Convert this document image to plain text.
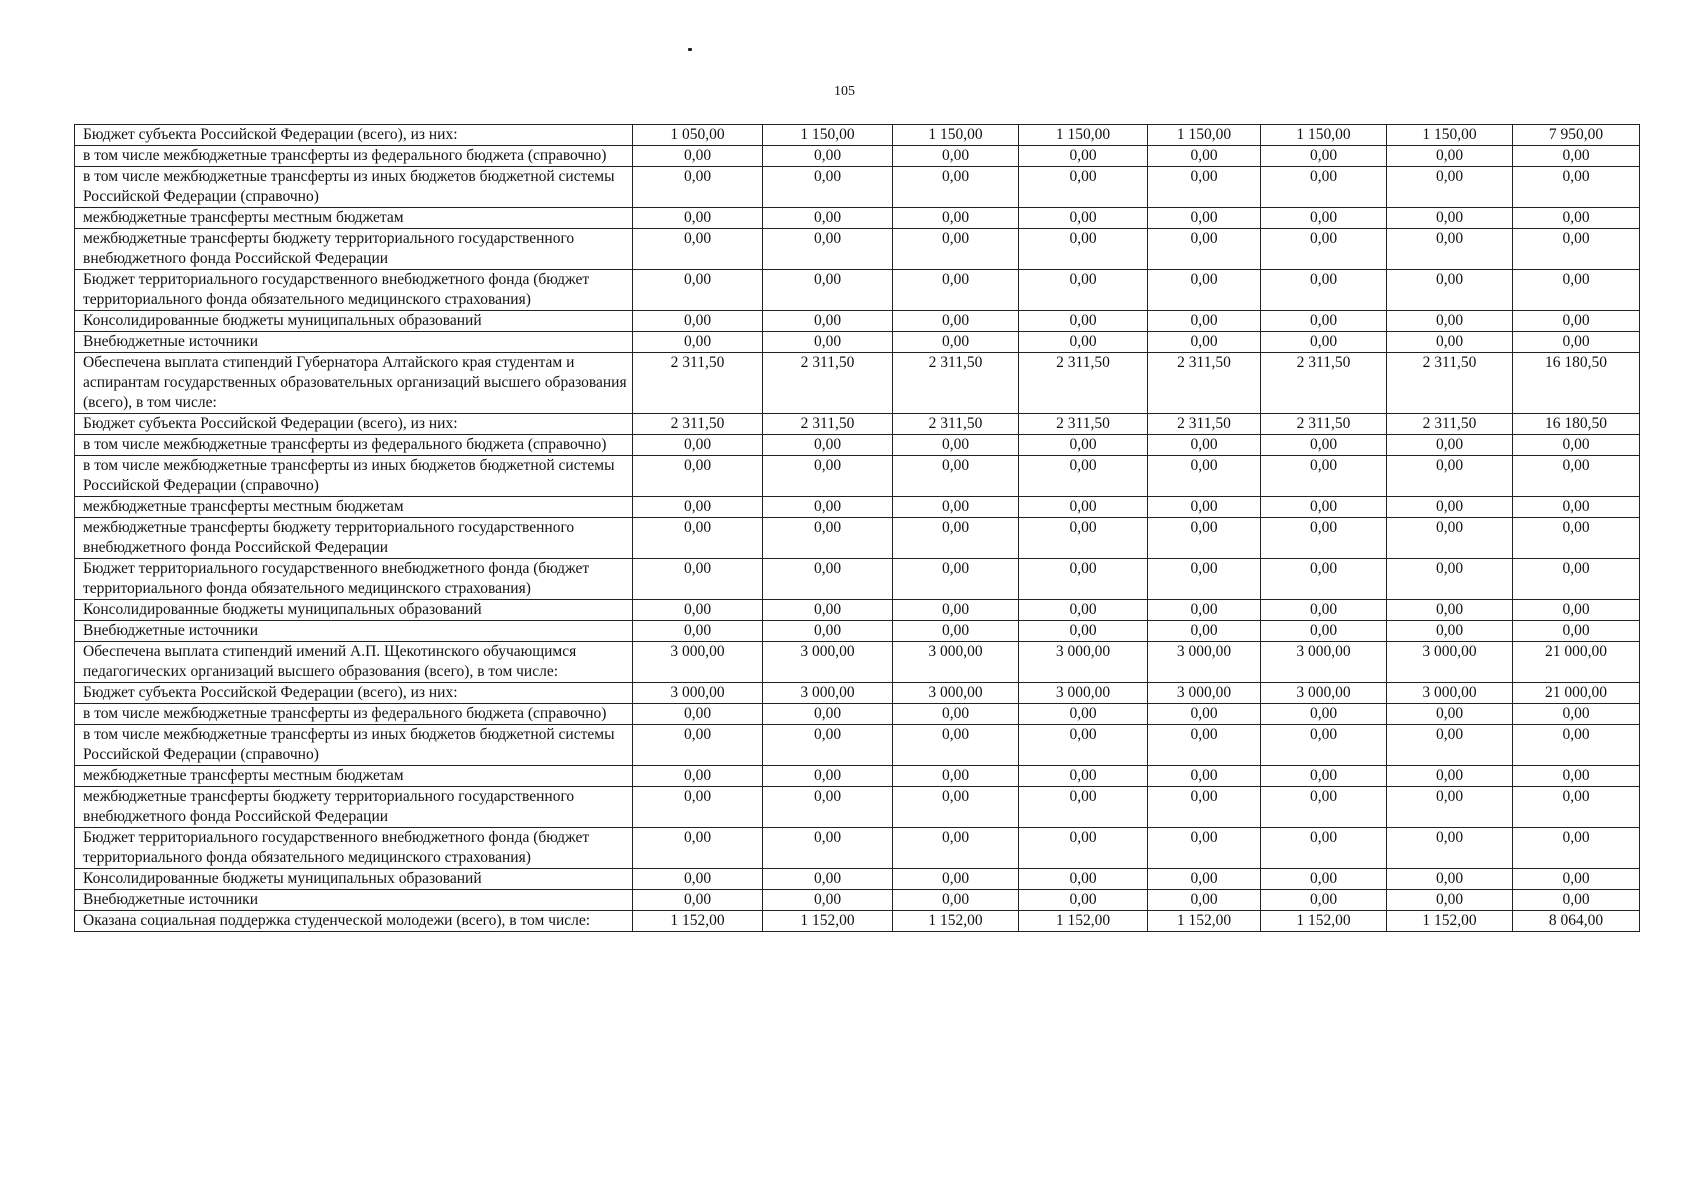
105
Бюджет субъекта Российской Федерации (всего), из них:	1 050,00	1 150,00	1 150,00	1 150,00	1 150,00	1 150,00	1 150,00	7 950,00
в том числе межбюджетные трансферты из федерального бюджета (справочно)	0,00	0,00	0,00	0,00	0,00	0,00	0,00	0,00
в том числе межбюджетные трансферты из иных бюджетов бюджетной системы Российской Федерации (справочно)	0,00	0,00	0,00	0,00	0,00	0,00	0,00	0,00
межбюджетные трансферты местным бюджетам	0,00	0,00	0,00	0,00	0,00	0,00	0,00	0,00
межбюджетные трансферты бюджету территориального государственного внебюджетного фонда Российской Федерации	0,00	0,00	0,00	0,00	0,00	0,00	0,00	0,00
Бюджет территориального государственного внебюджетного фонда (бюджет территориального фонда обязательного медицинского страхования)	0,00	0,00	0,00	0,00	0,00	0,00	0,00	0,00
Консолидированные бюджеты муниципальных образований	0,00	0,00	0,00	0,00	0,00	0,00	0,00	0,00
Внебюджетные источники	0,00	0,00	0,00	0,00	0,00	0,00	0,00	0,00
Обеспечена выплата стипендий Губернатора Алтайского края студентам и аспирантам государственных образовательных организаций высшего образования (всего), в том числе:	2 311,50	2 311,50	2 311,50	2 311,50	2 311,50	2 311,50	2 311,50	16 180,50
Бюджет субъекта Российской Федерации (всего), из них:	2 311,50	2 311,50	2 311,50	2 311,50	2 311,50	2 311,50	2 311,50	16 180,50
в том числе межбюджетные трансферты из федерального бюджета (справочно)	0,00	0,00	0,00	0,00	0,00	0,00	0,00	0,00
в том числе межбюджетные трансферты из иных бюджетов бюджетной системы Российской Федерации (справочно)	0,00	0,00	0,00	0,00	0,00	0,00	0,00	0,00
межбюджетные трансферты местным бюджетам	0,00	0,00	0,00	0,00	0,00	0,00	0,00	0,00
межбюджетные трансферты бюджету территориального государственного внебюджетного фонда Российской Федерации	0,00	0,00	0,00	0,00	0,00	0,00	0,00	0,00
Бюджет территориального государственного внебюджетного фонда (бюджет территориального фонда обязательного медицинского страхования)	0,00	0,00	0,00	0,00	0,00	0,00	0,00	0,00
Консолидированные бюджеты муниципальных образований	0,00	0,00	0,00	0,00	0,00	0,00	0,00	0,00
Внебюджетные источники	0,00	0,00	0,00	0,00	0,00	0,00	0,00	0,00
Обеспечена выплата стипендий имений А.П. Щекотинского обучающимся педагогических организаций высшего образования (всего), в том числе:	3 000,00	3 000,00	3 000,00	3 000,00	3 000,00	3 000,00	3 000,00	21 000,00
Бюджет субъекта Российской Федерации (всего), из них:	3 000,00	3 000,00	3 000,00	3 000,00	3 000,00	3 000,00	3 000,00	21 000,00
в том числе межбюджетные трансферты из федерального бюджета (справочно)	0,00	0,00	0,00	0,00	0,00	0,00	0,00	0,00
в том числе межбюджетные трансферты из иных бюджетов бюджетной системы Российской Федерации (справочно)	0,00	0,00	0,00	0,00	0,00	0,00	0,00	0,00
межбюджетные трансферты местным бюджетам	0,00	0,00	0,00	0,00	0,00	0,00	0,00	0,00
межбюджетные трансферты бюджету территориального государственного внебюджетного фонда Российской Федерации	0,00	0,00	0,00	0,00	0,00	0,00	0,00	0,00
Бюджет территориального государственного внебюджетного фонда (бюджет территориального фонда обязательного медицинского страхования)	0,00	0,00	0,00	0,00	0,00	0,00	0,00	0,00
Консолидированные бюджеты муниципальных образований	0,00	0,00	0,00	0,00	0,00	0,00	0,00	0,00
Внебюджетные источники	0,00	0,00	0,00	0,00	0,00	0,00	0,00	0,00
Оказана социальная поддержка студенческой молодежи (всего), в том числе:	1 152,00	1 152,00	1 152,00	1 152,00	1 152,00	1 152,00	1 152,00	8 064,00
